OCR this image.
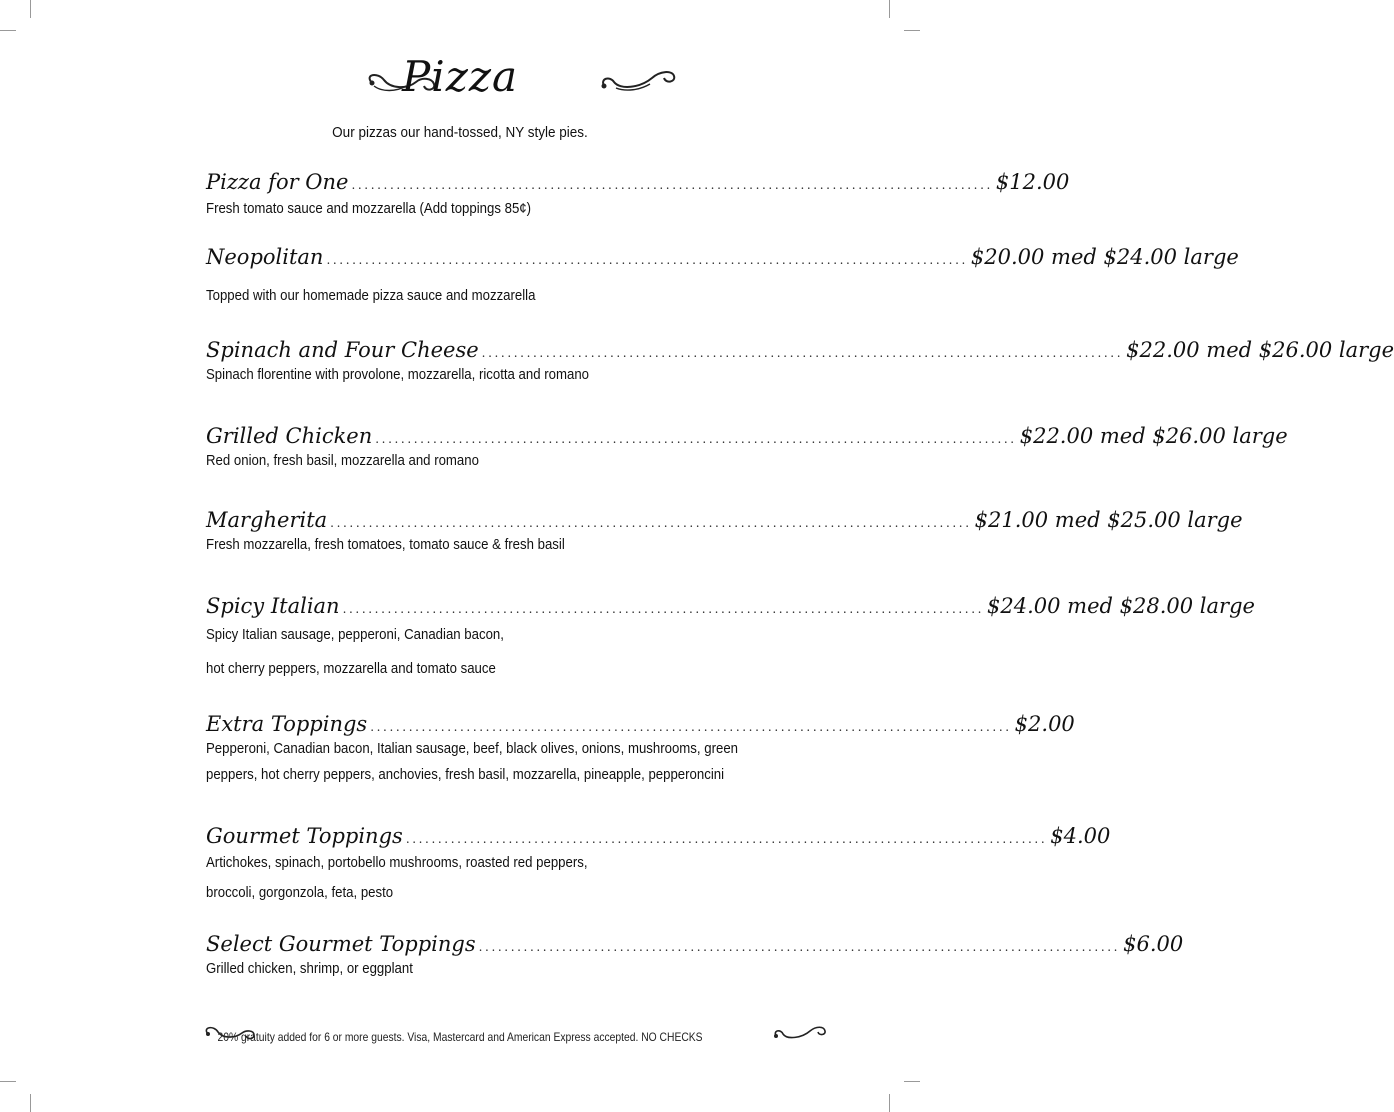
Pizza
Our pizzas our hand-tossed, NY style pies.
Pizza for One .................................................................................................... $12.00
Fresh tomato sauce and mozzarella (Add toppings 85¢)
Neopolitan .................................................................................................... $20.00 med $24.00 large
Topped with our homemade pizza sauce and mozzarella
Spinach and Four Cheese .................................................................................................... $22.00 med $26.00 large
Spinach florentine with provolone, mozzarella, ricotta and romano
Grilled Chicken .................................................................................................... $22.00 med $26.00 large
Red onion, fresh basil, mozzarella and romano
Margherita .................................................................................................... $21.00 med $25.00 large
Fresh mozzarella, fresh tomatoes, tomato sauce & fresh basil
Spicy Italian .................................................................................................... $24.00 med $28.00 large
Spicy Italian sausage, pepperoni, Canadian bacon,
hot cherry peppers, mozzarella and tomato sauce
Extra Toppings .................................................................................................... $2.00
Pepperoni, Canadian bacon, Italian sausage, beef, black olives, onions, mushrooms, green
peppers, hot cherry peppers, anchovies, fresh basil, mozzarella, pineapple, pepperoncini
Gourmet Toppings .................................................................................................... $4.00
Artichokes, spinach, portobello mushrooms, roasted red peppers,
broccoli, gorgonzola, feta, pesto
Select Gourmet Toppings .................................................................................................... $6.00
Grilled chicken, shrimp, or eggplant
20% gratuity added for 6 or more guests. Visa, Mastercard and American Express accepted. NO CHECKS
